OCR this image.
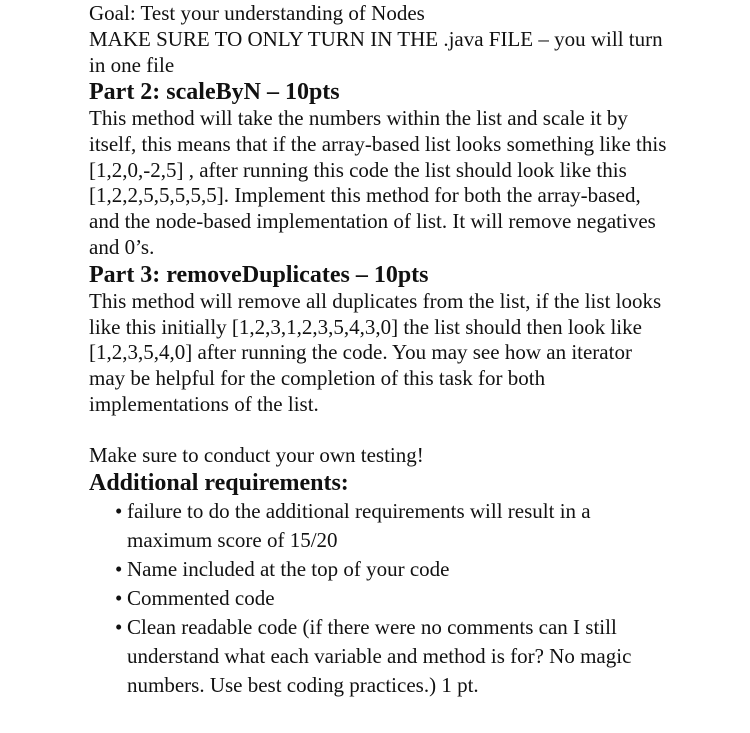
Goal: Test your understanding of Nodes

MAKE SURE TO ONLY TURN IN THE .java FILE – you will turn in one file

Part 2: scaleByN – 10pts

This method will take the numbers within the list and scale it by itself, this means that if the array-based list looks something like this [1,2,0,-2,5] , after running this code the list should look like this [1,2,2,5,5,5,5,5]. Implement this method for both the array-based, and the node-based implementation of list. It will remove negatives and 0’s.

Part 3: removeDuplicates – 10pts

This method will remove all duplicates from the list, if the list looks like this initially [1,2,3,1,2,3,5,4,3,0] the list should then look like [1,2,3,5,4,0] after running the code. You may see how an iterator may be helpful for the completion of this task for both implementations of the list.

Make sure to conduct your own testing!

Additional requirements:
• failure to do the additional requirements will result in a maximum score of 15/20
• Name included at the top of your code
• Commented code
• Clean readable code (if there were no comments can I still understand what each variable and method is for? No magic numbers. Use best coding practices.) 1 pt.
